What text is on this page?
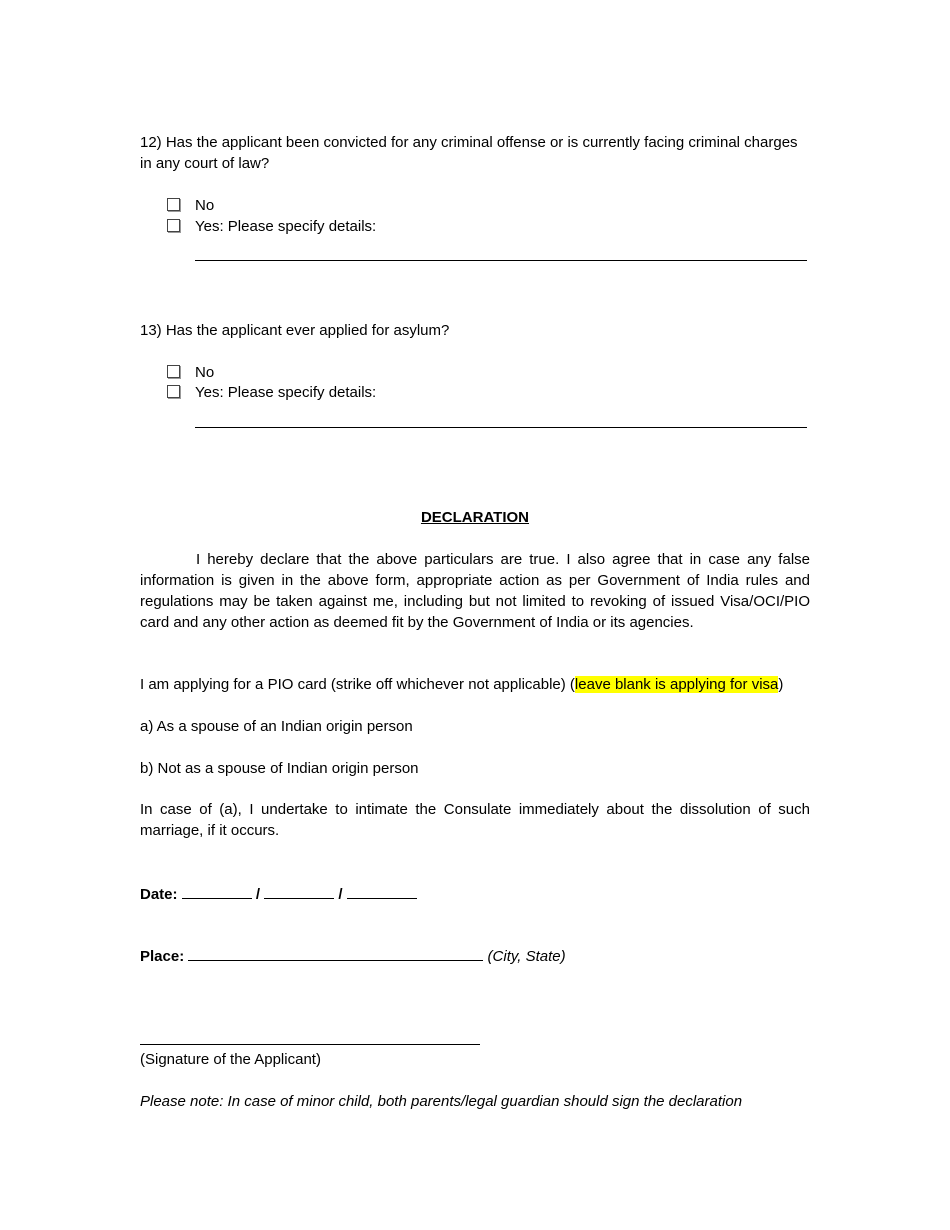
12) Has the applicant been convicted for any criminal offense or is currently facing criminal charges in any court of law?
No
Yes: Please specify details:
13) Has the applicant ever applied for asylum?
No
Yes: Please specify details:
DECLARATION
I hereby declare that the above particulars are true. I also agree that in case any false information is given in the above form, appropriate action as per Government of India rules and regulations may be taken against me, including but not limited to revoking of issued Visa/OCI/PIO card and any other action as deemed fit by the Government of India or its agencies.
I am applying for a PIO card (strike off whichever not applicable) (leave blank is applying for visa)
a) As a spouse of an Indian origin person
b) Not as a spouse of Indian origin person
In case of (a), I undertake to intimate the Consulate immediately about the dissolution of such marriage, if it occurs.
Date:	/	/
Place:	(City, State)
(Signature of the Applicant)
Please note: In case of minor child, both parents/legal guardian should sign the declaration
